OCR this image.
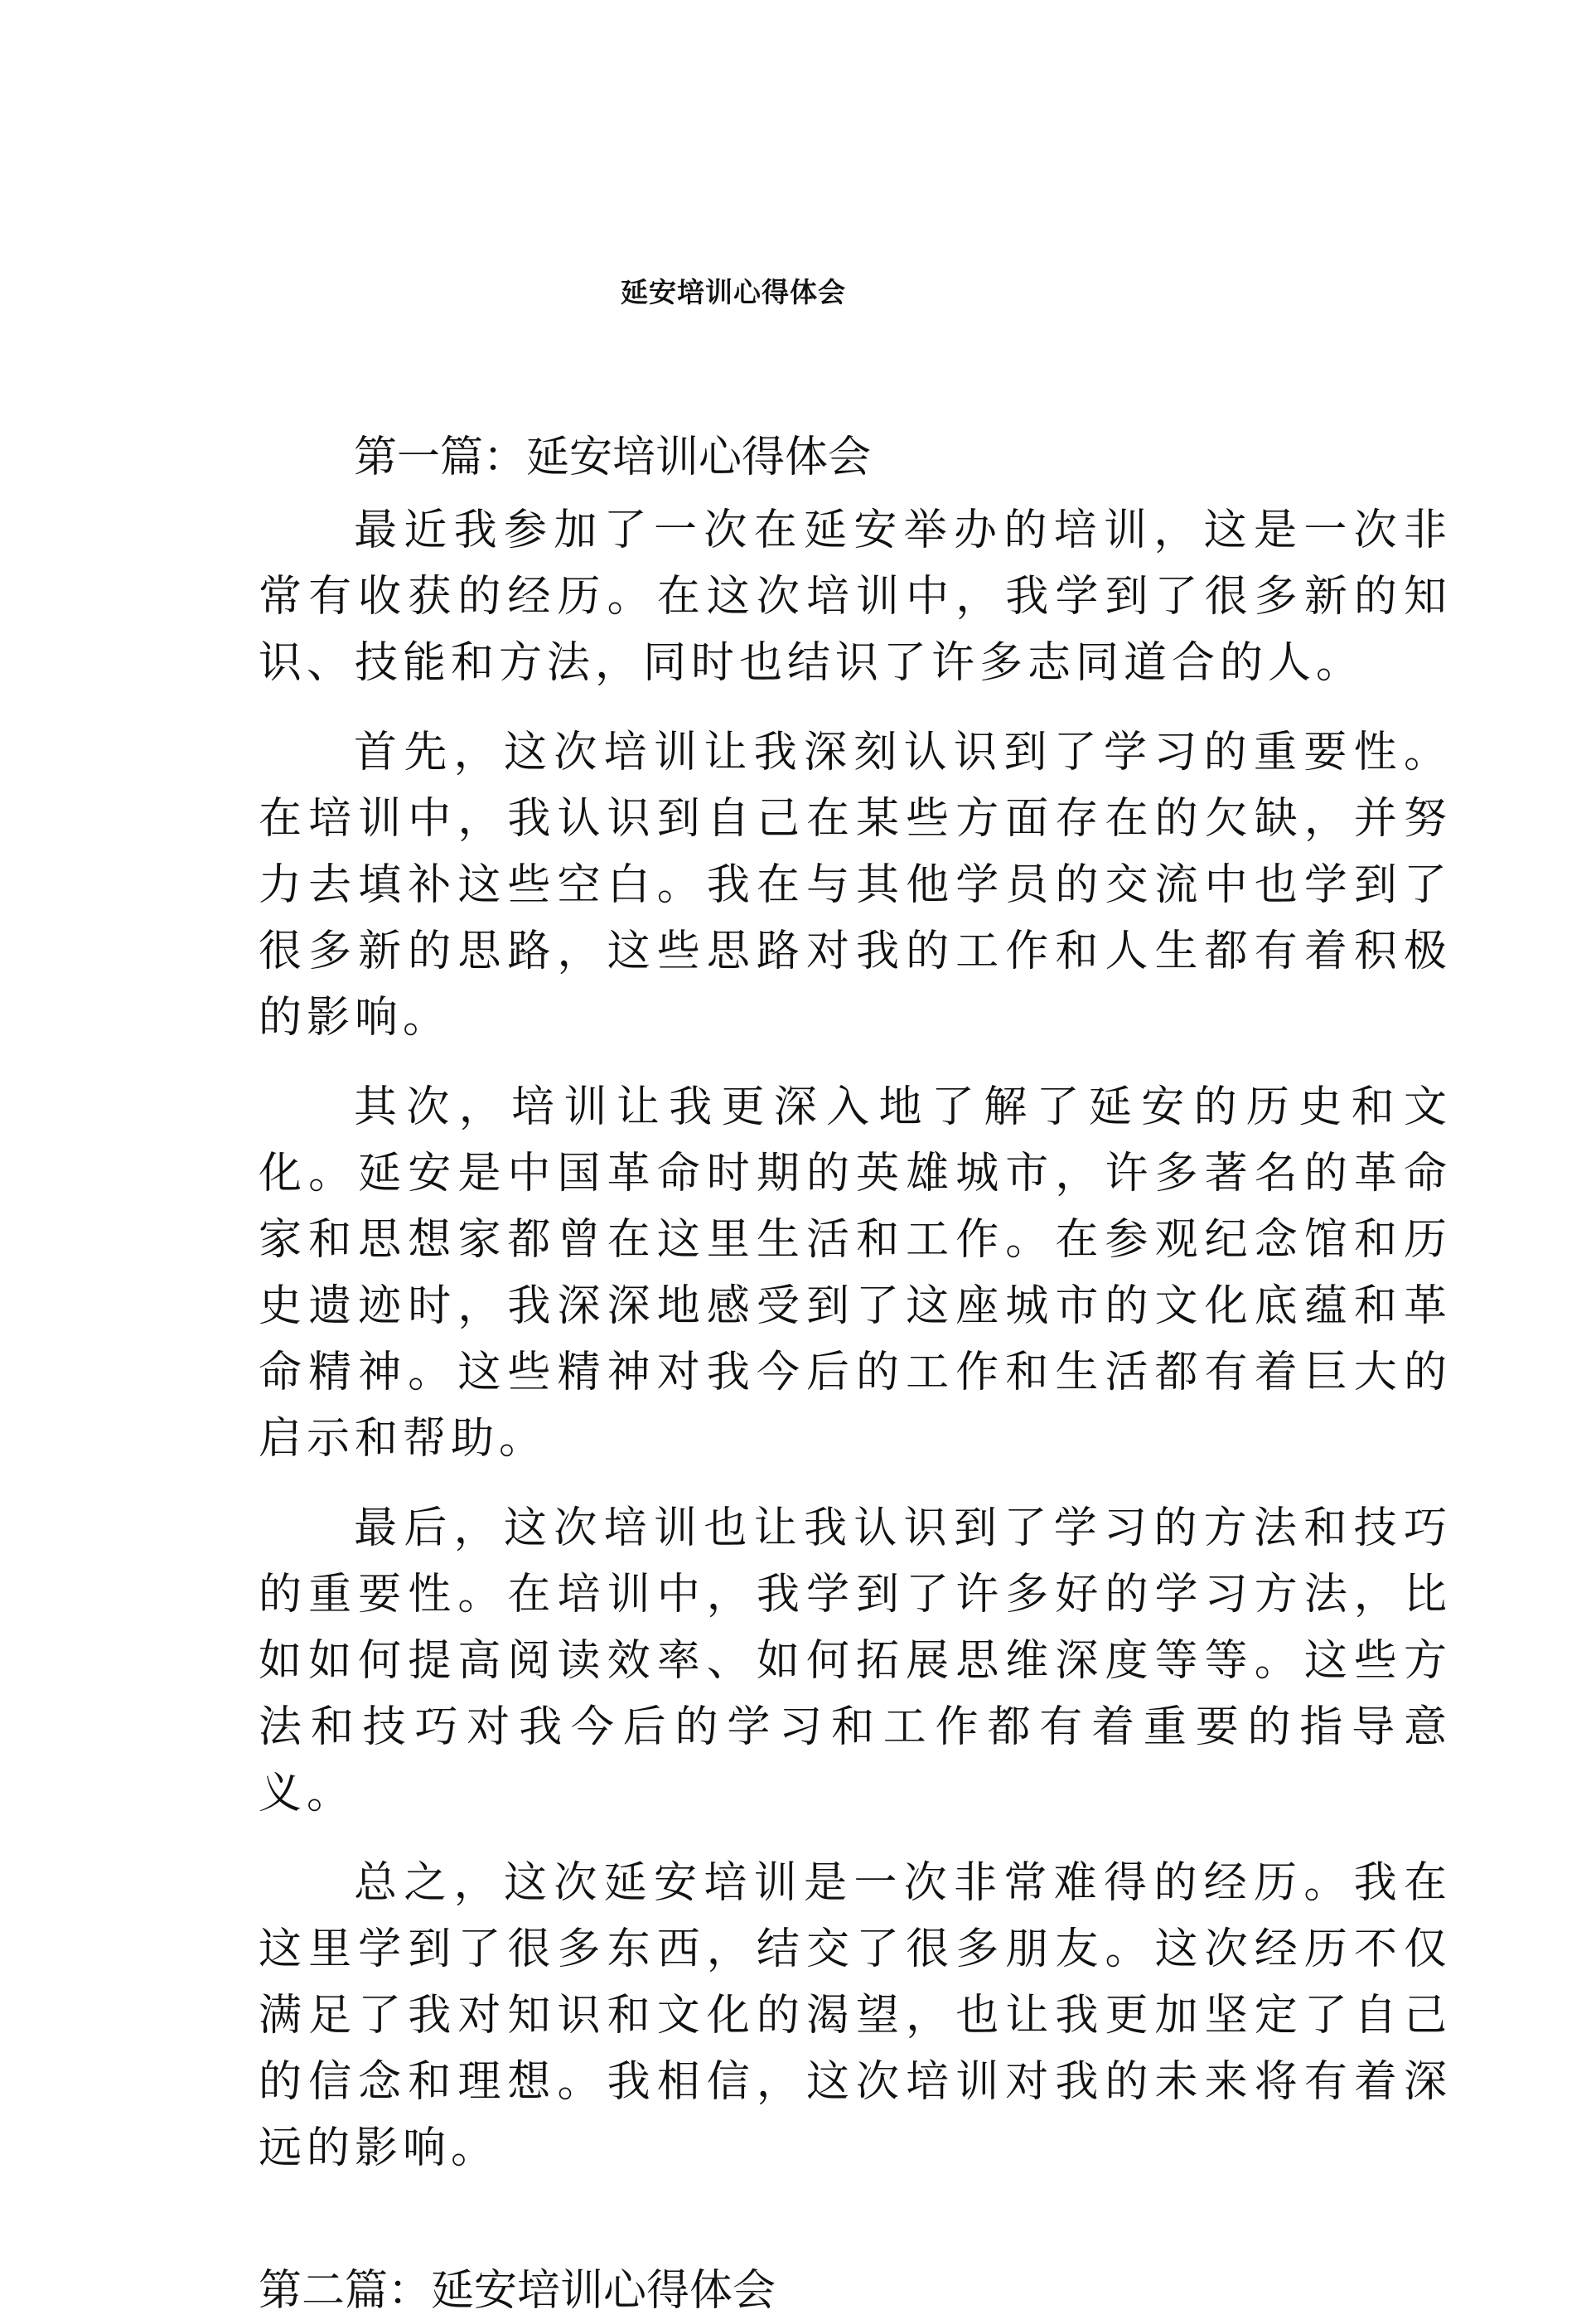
延安培训心得体会

第一篇：延安培训心得体会

最近我参加了一次在延安举办的培训，这是一次非常有收获的经历。在这次培训中，我学到了很多新的知识、技能和方法，同时也结识了许多志同道合的人。

首先，这次培训让我深刻认识到了学习的重要性。在培训中，我认识到自己在某些方面存在的欠缺，并努力去填补这些空白。我在与其他学员的交流中也学到了很多新的思路，这些思路对我的工作和人生都有着积极的影响。

其次，培训让我更深入地了解了延安的历史和文化。延安是中国革命时期的英雄城市，许多著名的革命家和思想家都曾在这里生活和工作。在参观纪念馆和历史遗迹时，我深深地感受到了这座城市的文化底蕴和革命精神。这些精神对我今后的工作和生活都有着巨大的启示和帮助。

最后，这次培训也让我认识到了学习的方法和技巧的重要性。在培训中，我学到了许多好的学习方法，比如如何提高阅读效率、如何拓展思维深度等等。这些方法和技巧对我今后的学习和工作都有着重要的指导意义。

总之，这次延安培训是一次非常难得的经历。我在这里学到了很多东西，结交了很多朋友。这次经历不仅满足了我对知识和文化的渴望，也让我更加坚定了自己的信念和理想。我相信，这次培训对我的未来将有着深远的影响。

第二篇：延安培训心得体会
